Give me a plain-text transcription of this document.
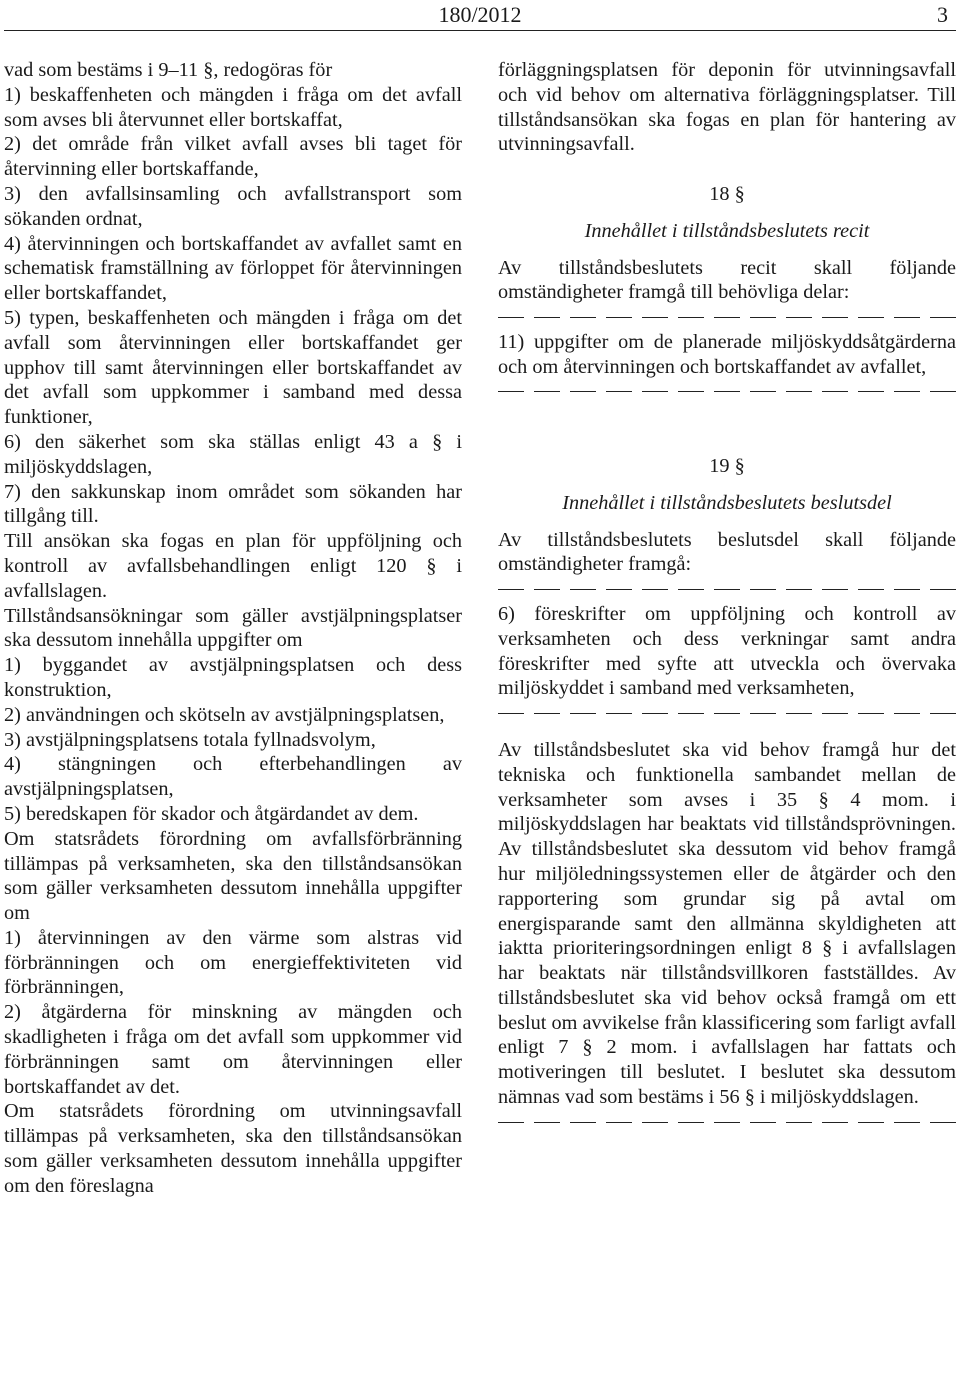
180/2012	3

vad som bestäms i 9–11 §, redogöras för

1) beskaffenheten och mängden i fråga om det avfall som avses bli återvunnet eller bortskaffat,

2) det område från vilket avfall avses bli taget för återvinning eller bortskaffande,

3) den avfallsinsamling och avfallstransport som sökanden ordnat,

4) återvinningen och bortskaffandet av avfallet samt en schematisk framställning av förloppet för återvinningen eller bortskaffandet,

5) typen, beskaffenheten och mängden i fråga om det avfall som återvinningen eller bortskaffandet ger upphov till samt återvinningen eller bortskaffandet av det avfall som uppkommer i samband med dessa funktioner,

6) den säkerhet som ska ställas enligt 43 a § i miljöskyddslagen,

7) den sakkunskap inom området som sökanden har tillgång till.

Till ansökan ska fogas en plan för uppföljning och kontroll av avfallsbehandlingen enligt 120 § i avfallslagen.

Tillståndsansökningar som gäller avstjälpningsplatser ska dessutom innehålla uppgifter om

1) byggandet av avstjälpningsplatsen och dess konstruktion,

2) användningen och skötseln av avstjälpningsplatsen,

3) avstjälpningsplatsens totala fyllnadsvolym,

4) stängningen och efterbehandlingen av avstjälpningsplatsen,

5) beredskapen för skador och åtgärdandet av dem.

Om statsrådets förordning om avfallsförbränning tillämpas på verksamheten, ska den tillståndsansökan som gäller verksamheten dessutom innehålla uppgifter om

1) återvinningen av den värme som alstras vid förbränningen och om energieffektiviteten vid förbränningen,

2) åtgärderna för minskning av mängden och skadligheten i fråga om det avfall som uppkommer vid förbränningen samt om återvinningen eller bortskaffandet av det.

Om statsrådets förordning om utvinningsavfall tillämpas på verksamheten, ska den tillståndsansökan som gäller verksamheten dessutom innehålla uppgifter om den föreslagna

förläggningsplatsen för deponin för utvinningsavfall och vid behov om alternativa förläggningsplatser. Till tillståndsansökan ska fogas en plan för hantering av utvinningsavfall.

18 §

Innehållet i tillståndsbeslutets recit

Av tillståndsbeslutets recit skall följande omständigheter framgå till behövliga delar:

11) uppgifter om de planerade miljöskyddsåtgärderna och om återvinningen och bortskaffandet av avfallet,

19 §

Innehållet i tillståndsbeslutets beslutsdel

Av tillståndsbeslutets beslutsdel skall följande omständigheter framgå:

6) föreskrifter om uppföljning och kontroll av verksamheten och dess verkningar samt andra föreskrifter med syfte att utveckla och övervaka miljöskyddet i samband med verksamheten,

Av tillståndsbeslutet ska vid behov framgå hur det tekniska och funktionella sambandet mellan de verksamheter som avses i 35 § 4 mom. i miljöskyddslagen har beaktats vid tillståndsprövningen. Av tillståndsbeslutet ska dessutom vid behov framgå hur miljöledningssystemen eller de åtgärder och den rapportering som grundar sig på avtal om energisparande samt den allmänna skyldigheten att iaktta prioriteringsordningen enligt 8 § i avfallslagen har beaktats när tillståndsvillkoren fastställdes. Av tillståndsbeslutet ska vid behov också framgå om ett beslut om avvikelse från klassificering som farligt avfall enligt 7 § 2 mom. i avfallslagen har fattats och motiveringen till beslutet. I beslutet ska dessutom nämnas vad som bestäms i 56 § i miljöskyddslagen.
